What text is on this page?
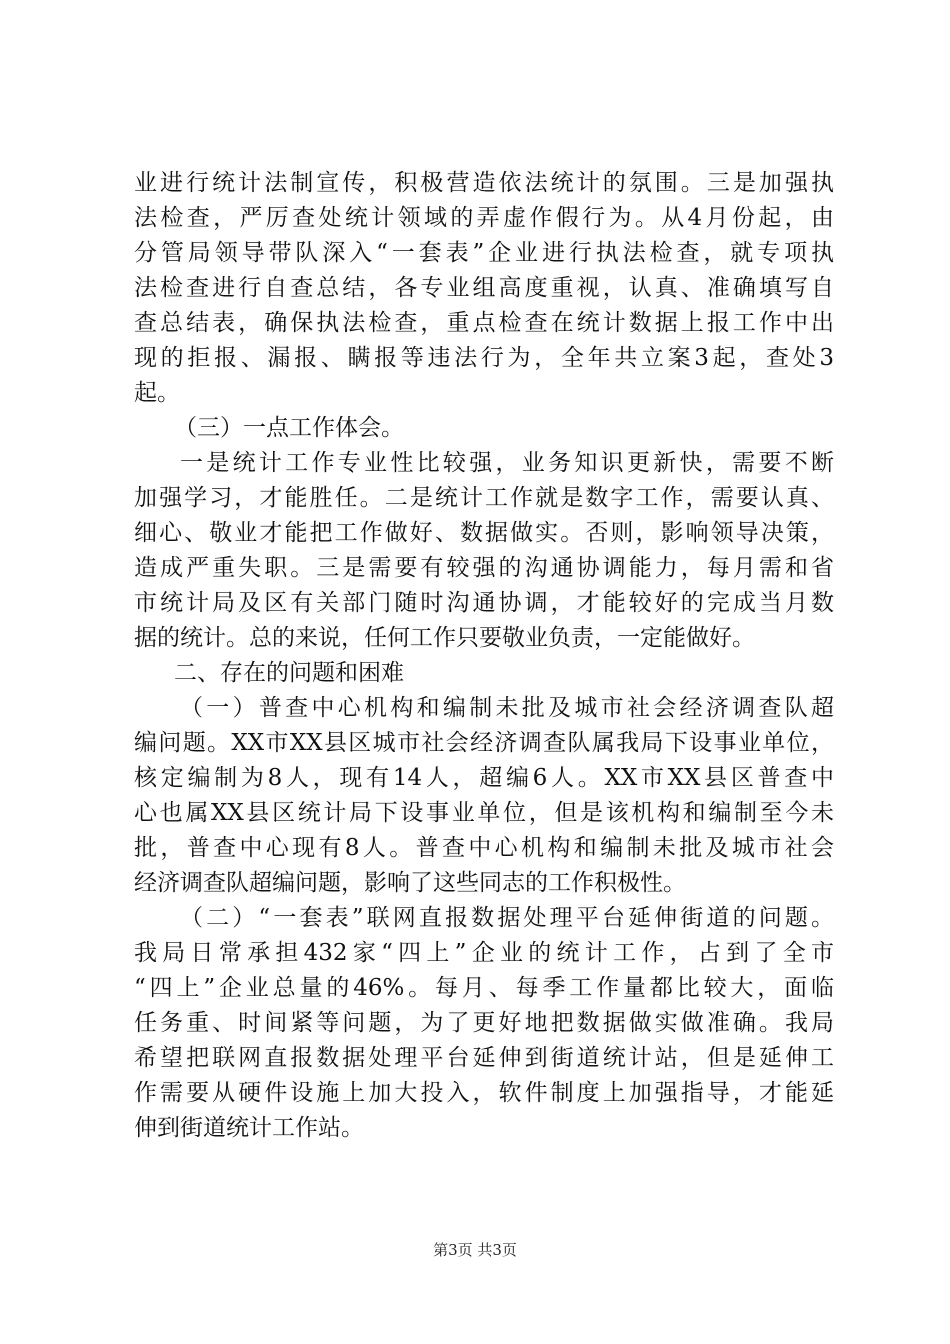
业进行统计法制宣传，积极营造依法统计的氛围。三是加强执
法检查，严厉查处统计领域的弄虚作假行为。从4月份起，由
分管局领导带队深入“一套表”企业进行执法检查，就专项执
法检查进行自查总结，各专业组高度重视，认真、准确填写自
查总结表，确保执法检查，重点检查在统计数据上报工作中出
现的拒报、漏报、瞒报等违法行为，全年共立案3起，查处3
起。
（三）一点工作体会。
一是统计工作专业性比较强，业务知识更新快，需要不断
加强学习，才能胜任。二是统计工作就是数字工作，需要认真、
细心、敬业才能把工作做好、数据做实。否则，影响领导决策，
造成严重失职。三是需要有较强的沟通协调能力，每月需和省
市统计局及区有关部门随时沟通协调，才能较好的完成当月数
据的统计。总的来说，任何工作只要敬业负责，一定能做好。
二、存在的问题和困难
（一）普查中心机构和编制未批及城市社会经济调查队超
编问题。XX市XX县区城市社会经济调查队属我局下设事业单位，
核定编制为8人，现有14人，超编6人。XX市XX县区普查中
心也属XX县区统计局下设事业单位，但是该机构和编制至今未
批，普查中心现有8人。普查中心机构和编制未批及城市社会
经济调查队超编问题，影响了这些同志的工作积极性。
（二）“一套表”联网直报数据处理平台延伸街道的问题。
我局日常承担432家“四上”企业的统计工作，占到了全市
“四上”企业总量的46%。每月、每季工作量都比较大，面临
任务重、时间紧等问题，为了更好地把数据做实做准确。我局
希望把联网直报数据处理平台延伸到街道统计站，但是延伸工
作需要从硬件设施上加大投入，软件制度上加强指导，才能延
伸到街道统计工作站。
第3页 共3页
